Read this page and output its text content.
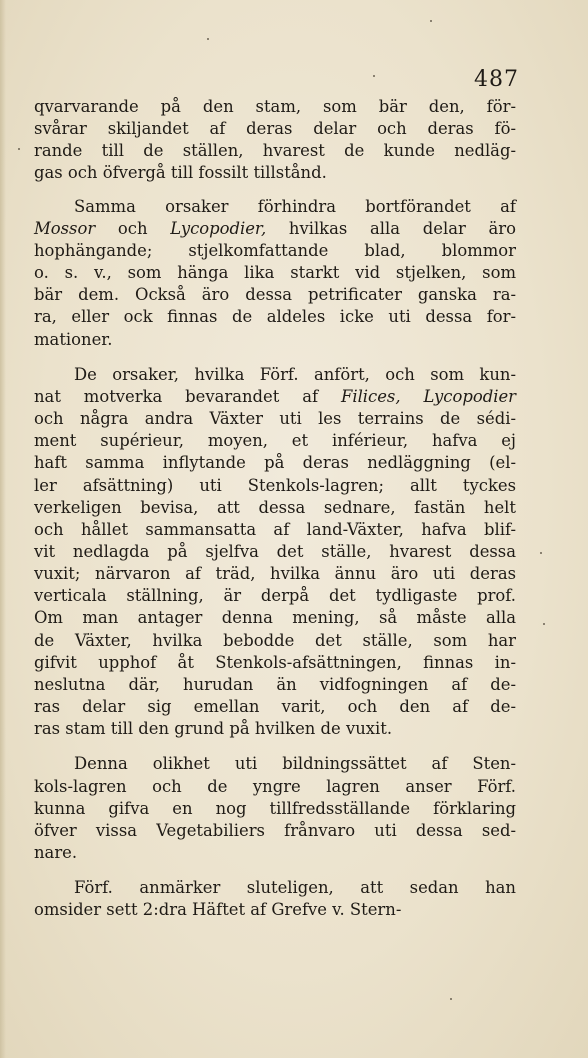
487
qvarvarande på den stam, som bär den, för-
svårar skiljandet af deras delar och deras fö-
rande till de ställen, hvarest de kunde nedläg-
gas och öfvergå till fossilt tillstånd.
Samma orsaker förhindra bortförandet af
Mossor och Lycopodier, hvilkas alla delar äro
hophängande; stjelkomfattande blad, blommor
o. s. v., som hänga lika starkt vid stjelken, som
bär dem. Också äro dessa petrificater ganska ra-
ra, eller ock finnas de aldeles icke uti dessa for-
mationer.
De orsaker, hvilka Förf. anfört, och som kun-
nat motverka bevarandet af Filices, Lycopodier
och några andra Växter uti les terrains de sédi-
ment supérieur, moyen, et inférieur, hafva ej
haft samma inflytande på deras nedläggning (el-
ler afsättning) uti Stenkols-lagren; allt tyckes
verkeligen bevisa, att dessa sednare, fastän helt
och hållet sammansatta af land-Växter, hafva blif-
vit nedlagda på sjelfva det ställe, hvarest dessa
vuxit; närvaron af träd, hvilka ännu äro uti deras
verticala ställning, är derpå det tydligaste prof.
Om man antager denna mening, så måste alla
de Växter, hvilka bebodde det ställe, som har
gifvit upphof åt Stenkols-afsättningen, finnas in-
neslutna där, hurudan än vidfogningen af de-
ras delar sig emellan varit, och den af de-
ras stam till den grund på hvilken de vuxit.
Denna olikhet uti bildningssättet af Sten-
kols-lagren och de yngre lagren anser Förf.
kunna gifva en nog tillfredsställande förklaring
öfver vissa Vegetabiliers frånvaro uti dessa sed-
nare.
Förf. anmärker sluteligen, att sedan han
omsider sett 2:dra Häftet af Grefve v. Stern-
